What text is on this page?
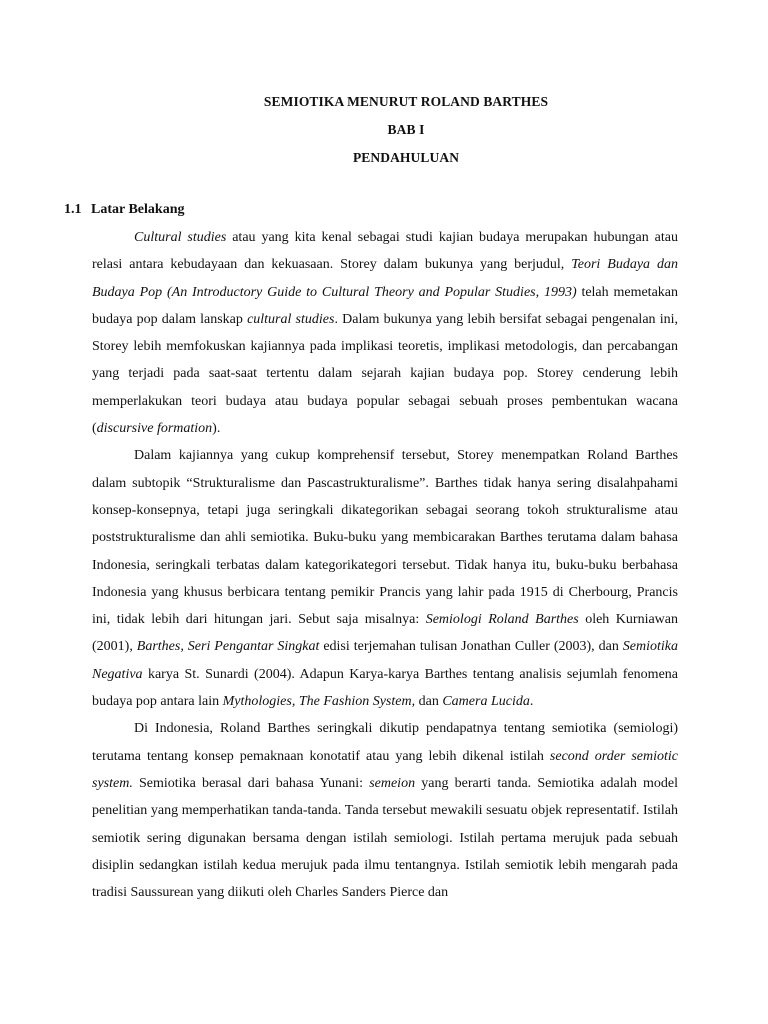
SEMIOTIKA MENURUT ROLAND BARTHES
BAB I
PENDAHULUAN
1.1 Latar Belakang

Cultural studies atau yang kita kenal sebagai studi kajian budaya merupakan hubungan atau relasi antara kebudayaan dan kekuasaan. Storey dalam bukunya yang berjudul, Teori Budaya dan Budaya Pop (An Introductory Guide to Cultural Theory and Popular Studies, 1993) telah memetakan budaya pop dalam lanskap cultural studies. Dalam bukunya yang lebih bersifat sebagai pengenalan ini, Storey lebih memfokuskan kajiannya pada implikasi teoretis, implikasi metodologis, dan percabangan yang terjadi pada saat-saat tertentu dalam sejarah kajian budaya pop. Storey cenderung lebih memperlakukan teori budaya atau budaya popular sebagai sebuah proses pembentukan wacana (discursive formation).

Dalam kajiannya yang cukup komprehensif tersebut, Storey menempatkan Roland Barthes dalam subtopik “Strukturalisme dan Pascastrukturalisme”. Barthes tidak hanya sering disalahpahami konsep-konsepnya, tetapi juga seringkali dikategorikan sebagai seorang tokoh strukturalisme atau poststrukturalisme dan ahli semiotika. Buku-buku yang membicarakan Barthes terutama dalam bahasa Indonesia, seringkali terbatas dalam kategorikategori tersebut. Tidak hanya itu, buku-buku berbahasa Indonesia yang khusus berbicara tentang pemikir Prancis yang lahir pada 1915 di Cherbourg, Prancis ini, tidak lebih dari hitungan jari. Sebut saja misalnya: Semiologi Roland Barthes oleh Kurniawan (2001), Barthes, Seri Pengantar Singkat edisi terjemahan tulisan Jonathan Culler (2003), dan Semiotika Negativa karya St. Sunardi (2004). Adapun Karya-karya Barthes tentang analisis sejumlah fenomena budaya pop antara lain Mythologies, The Fashion System, dan Camera Lucida.

Di Indonesia, Roland Barthes seringkali dikutip pendapatnya tentang semiotika (semiologi) terutama tentang konsep pemaknaan konotatif atau yang lebih dikenal istilah second order semiotic system. Semiotika berasal dari bahasa Yunani: semeion yang berarti tanda. Semiotika adalah model penelitian yang memperhatikan tanda-tanda. Tanda tersebut mewakili sesuatu objek representatif. Istilah semiotik sering digunakan bersama dengan istilah semiologi. Istilah pertama merujuk pada sebuah disiplin sedangkan istilah kedua merujuk pada ilmu tentangnya. Istilah semiotik lebih mengarah pada tradisi Saussurean yang diikuti oleh Charles Sanders Pierce dan
